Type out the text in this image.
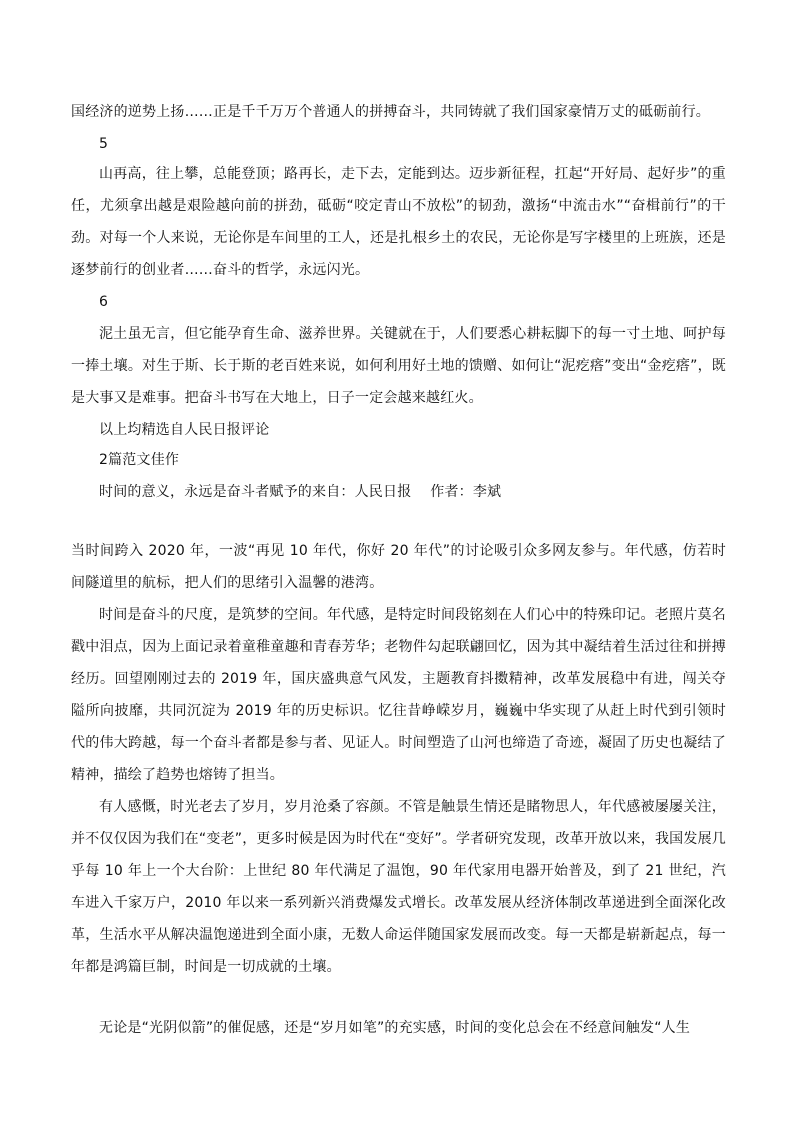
国经济的逆势上扬……正是千千万万个普通人的拼搏奋斗，共同铸就了我们国家豪情万丈的砥砺前行。

5

山再高，往上攀，总能登顶；路再长，走下去，定能到达。迈步新征程，扛起“开好局、起好步”的重任，尤须拿出越是艰险越向前的拼劲，砥砺“咬定青山不放松”的韧劲，激扬“中流击水”“奋楫前行”的干劲。对每一个人来说，无论你是车间里的工人，还是扎根乡土的农民，无论你是写字楼里的上班族，还是逐梦前行的创业者……奋斗的哲学，永远闪光。

6

泥土虽无言，但它能孕育生命、滋养世界。关键就在于，人们要悉心耕耘脚下的每一寸土地、呵护每一捧土壤。对生于斯、长于斯的老百姓来说，如何利用好土地的馈赠、如何让“泥疙瘩”变出“金疙瘩”，既是大事又是难事。把奋斗书写在大地上，日子一定会越来越红火。

以上均精选自人民日报评论

2篇范文佳作

时间的意义，永远是奋斗者赋予的来自：人民日报　 作者：李斌

当时间跨入 2020 年，一波“再见 10 年代，你好 20 年代”的讨论吸引众多网友参与。年代感，仿若时间隧道里的航标，把人们的思绪引入温馨的港湾。

时间是奋斗的尺度，是筑梦的空间。年代感，是特定时间段铭刻在人们心中的特殊印记。老照片莫名戳中泪点，因为上面记录着童稚童趣和青春芳华；老物件勾起联翩回忆，因为其中凝结着生活过往和拼搏经历。回望刚刚过去的 2019 年，国庆盛典意气风发，主题教育抖擞精神，改革发展稳中有进，闯关夺隘所向披靡，共同沉淀为 2019 年的历史标识。忆往昔峥嵘岁月，巍巍中华实现了从赶上时代到引领时代的伟大跨越，每一个奋斗者都是参与者、见证人。时间塑造了山河也缔造了奇迹，凝固了历史也凝结了精神，描绘了趋势也熔铸了担当。

有人感慨，时光老去了岁月，岁月沧桑了容颜。不管是触景生情还是睹物思人，年代感被屡屡关注，并不仅仅因为我们在“变老”，更多时候是因为时代在“变好”。学者研究发现，改革开放以来，我国发展几乎每 10 年上一个大台阶：上世纪 80 年代满足了温饱，90 年代家用电器开始普及，到了 21 世纪，汽车进入千家万户，2010 年以来一系列新兴消费爆发式增长。改革发展从经济体制改革递进到全面深化改革，生活水平从解决温饱递进到全面小康，无数人命运伴随国家发展而改变。每一天都是崭新起点，每一年都是鸿篇巨制，时间是一切成就的土壤。

无论是“光阴似箭”的催促感，还是“岁月如笔”的充实感，时间的变化总会在不经意间触发“人生
